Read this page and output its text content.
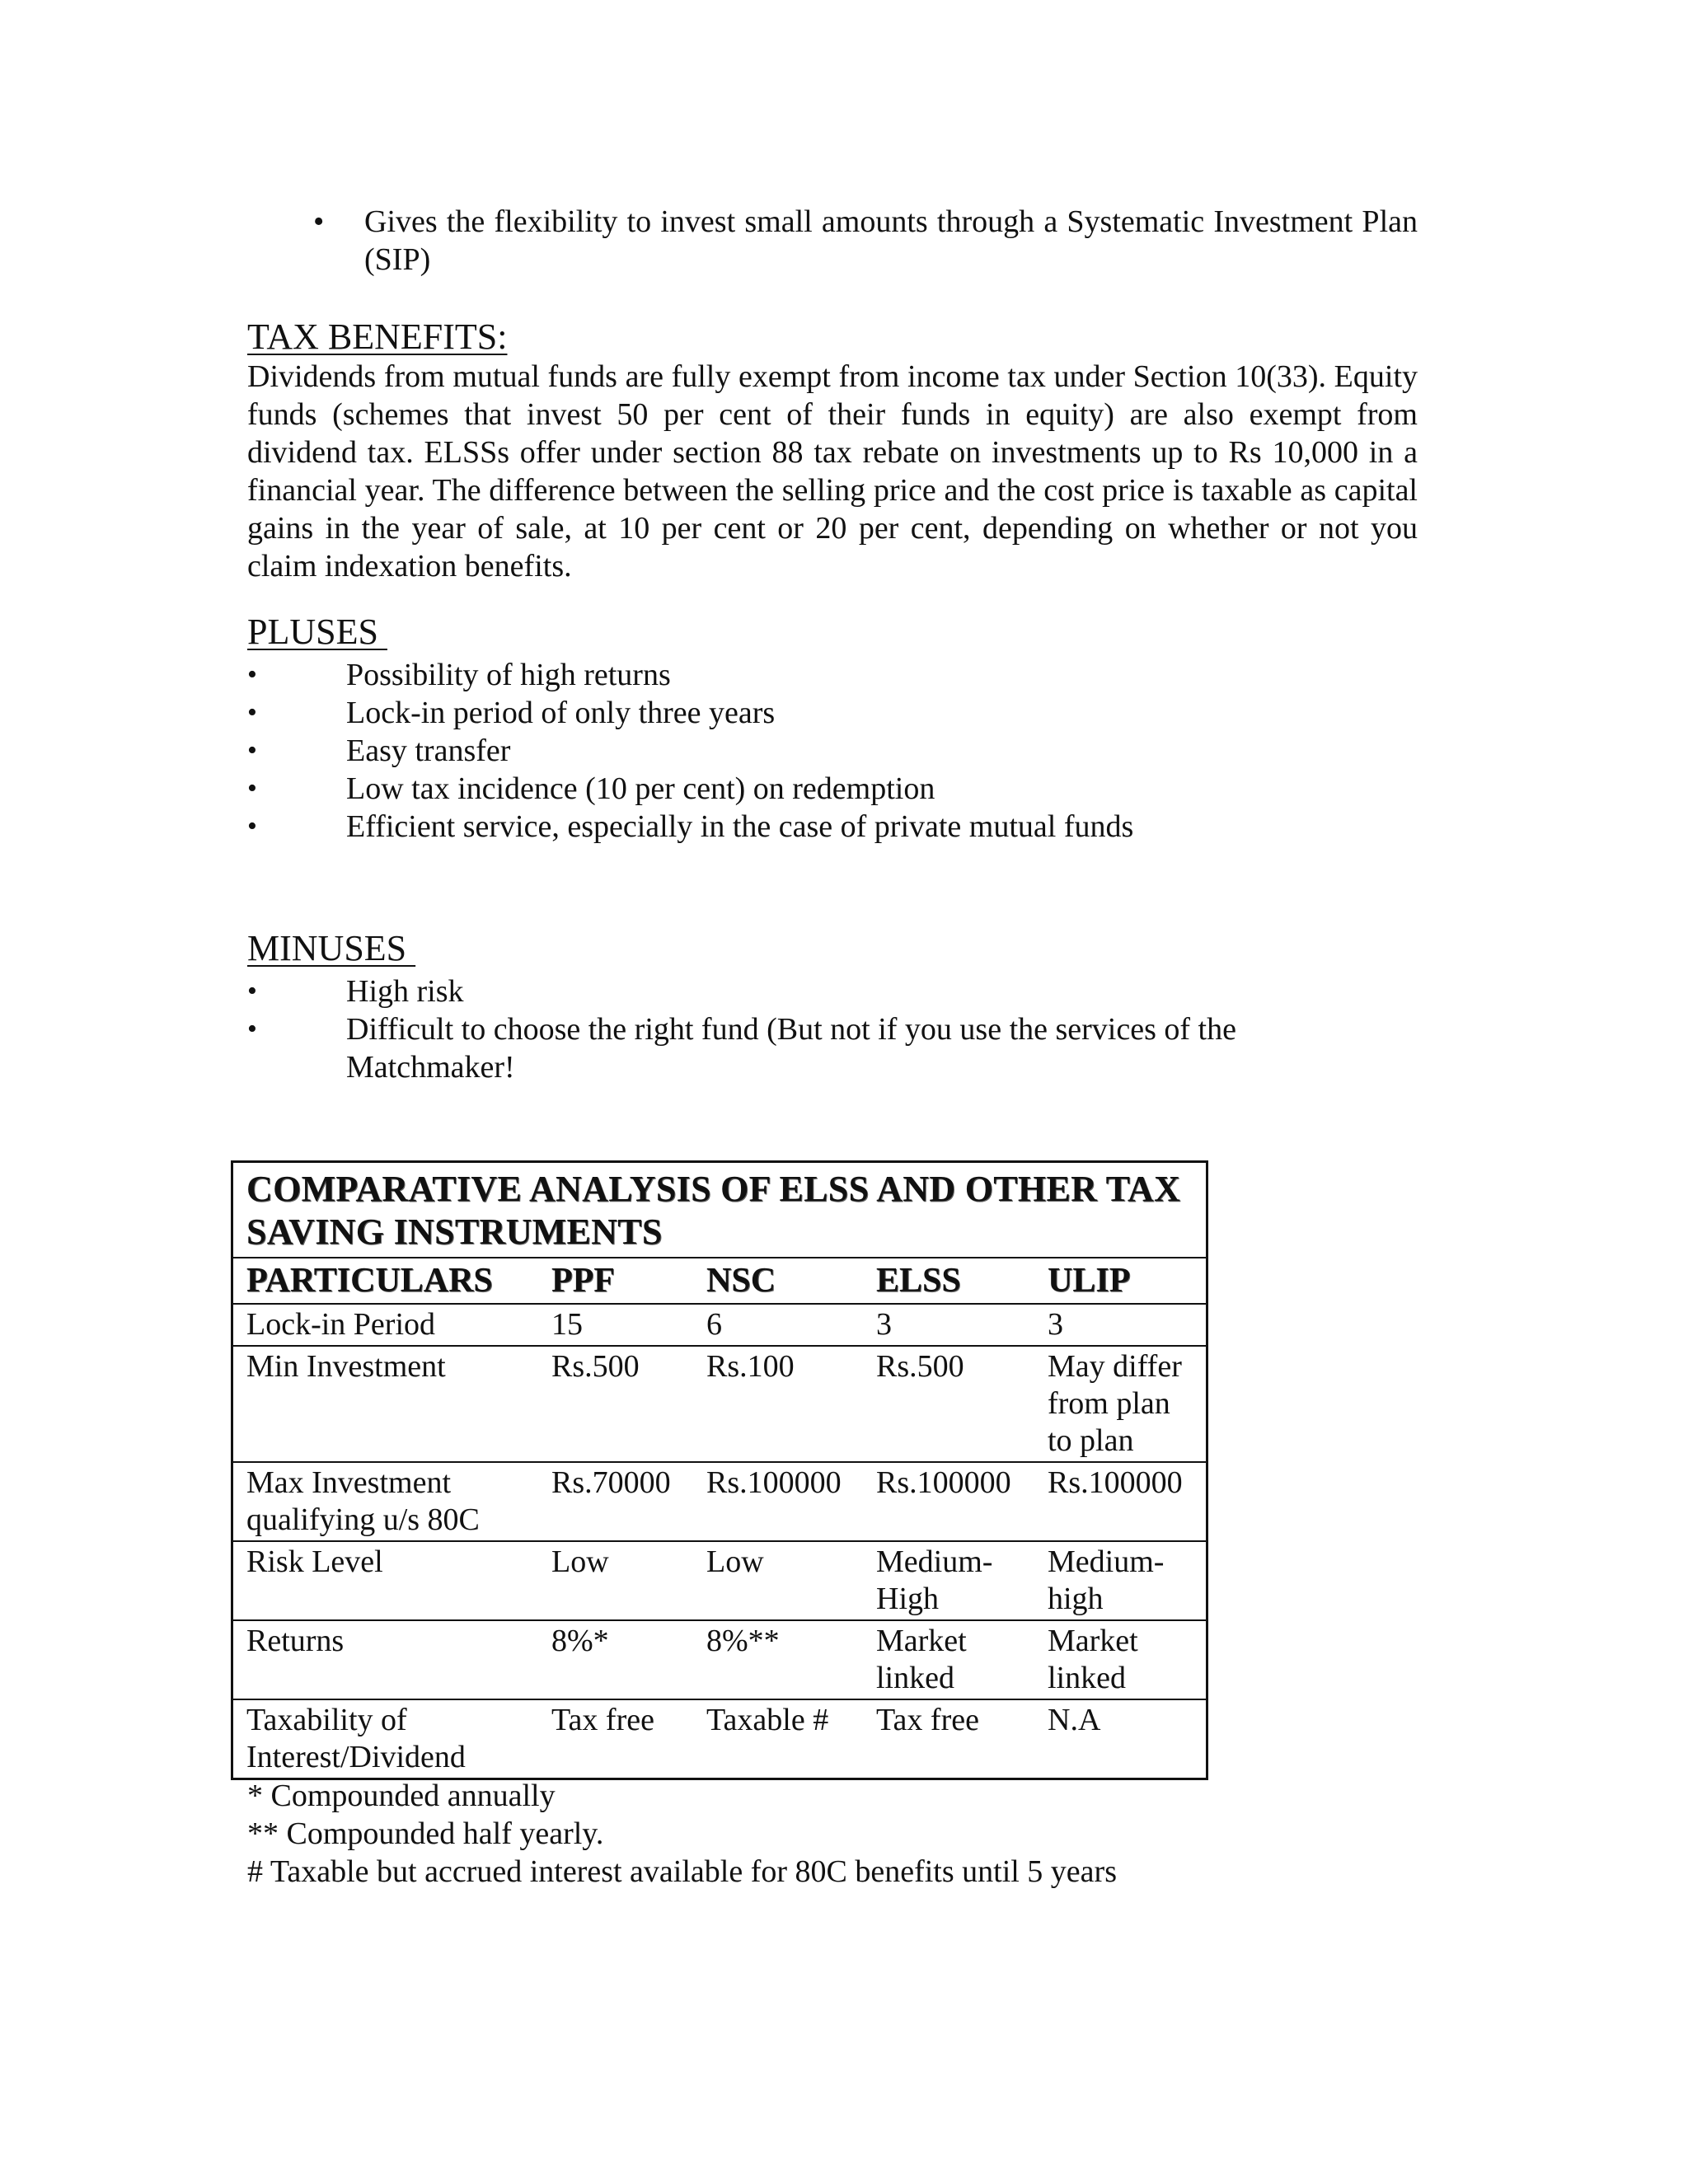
• Gives the flexibility to invest small amounts through a Systematic Investment Plan (SIP)
TAX BENEFITS:
Dividends from mutual funds are fully exempt from income tax under Section 10(33). Equity funds (schemes that invest 50 per cent of their funds in equity) are also exempt from dividend tax. ELSSs offer under section 88 tax rebate on investments up to Rs 10,000 in a financial year. The difference between the selling price and the cost price is taxable as capital gains in the year of sale, at 10 per cent or 20 per cent, depending on whether or not you claim indexation benefits.
PLUSES
•	Possibility of high returns
•	Lock-in period of only three years
•	Easy transfer
•	Low tax incidence (10 per cent) on redemption
•	Efficient service, especially in the case of private mutual funds
MINUSES
•	High risk
•	Difficult to choose the right fund (But not if you use the services of the Matchmaker!
COMPARATIVE ANALYSIS OF ELSS AND OTHER TAX SAVING INSTRUMENTS				
PARTICULARS	PPF	NSC	ELSS	ULIP
Lock-in Period	15	6	3	3
Min Investment	Rs.500	Rs.100	Rs.500	May differ from plan to plan
Max Investment qualifying u/s 80C	Rs.70000	Rs.100000	Rs.100000	Rs.100000
Risk Level	Low	Low	Medium-High	Medium-high
Returns	8%*	8%**	Market linked	Market linked
Taxability of Interest/Dividend	Tax free	Taxable #	Tax free	N.A
* Compounded annually
** Compounded half yearly.
# Taxable but accrued interest available for 80C benefits until 5 years
